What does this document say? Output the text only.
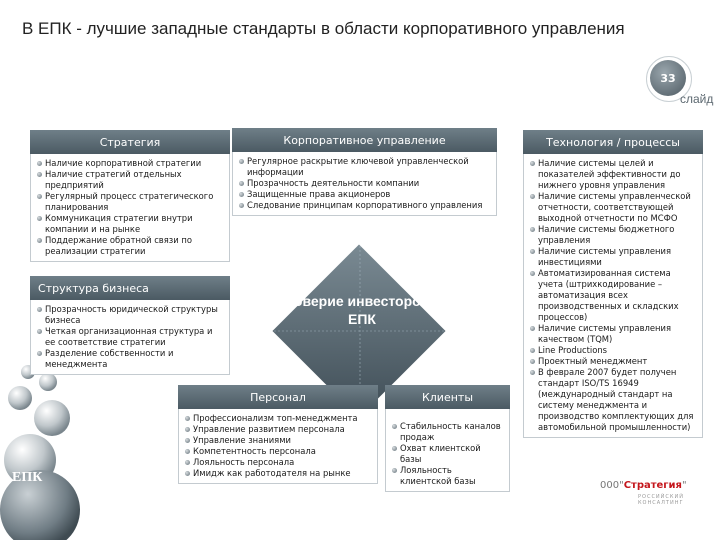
В ЕПК - лучшие западные стандарты в области корпоративного управления
33
слайд
ЕПК
Стратегия
Наличие корпоративной стратегии
Наличие стратегий отдельных предприятий
Регулярный процесс стратегического планирования
Коммуникация стратегии внутри компании и на рынке
Поддержание обратной связи по реализации стратегии
Корпоративное управление
Регулярное раскрытие ключевой управленческой информации
Прозрачность деятельности компании
Защищенные права акционеров
Следование принципам корпоративного управления
Технология / процессы
Наличие системы целей и показателей эффективности до нижнего уровня управления
Наличие системы управленческой отчетности, соответствующей выходной отчетности по МСФО
Наличие системы бюджетного управления
Наличие системы управления инвестициями
Автоматизированная система учета (штрихкодирование – автоматизация всех производственных и складских процессов)
Наличие системы управления качеством (TQM)
Line Productions
Проектный менеджмент
В феврале 2007 будет получен стандарт ISO/TS 16949 (международный стандарт на систему менеджмента и производство комплектующих для автомобильной промышленности)
Структура бизнеса
Прозрачность юридической структуры бизнеса
Четкая организационная структура и ее соответствие стратегии
Разделение собственности и менеджмента
Доверие инвесторов к ЕПК
Персонал
Профессионализм топ-менеджмента
Управление развитием персонала
Управление знаниями
Компетентность персонала
Лояльность персонала
Имидж как работодателя на рынке
Клиенты
Стабильность каналов продаж
Охват клиентской базы
Лояльность клиентской базы	000"Стратегия"
РОССИЙСКИЙ КОНСАЛТИНГ
